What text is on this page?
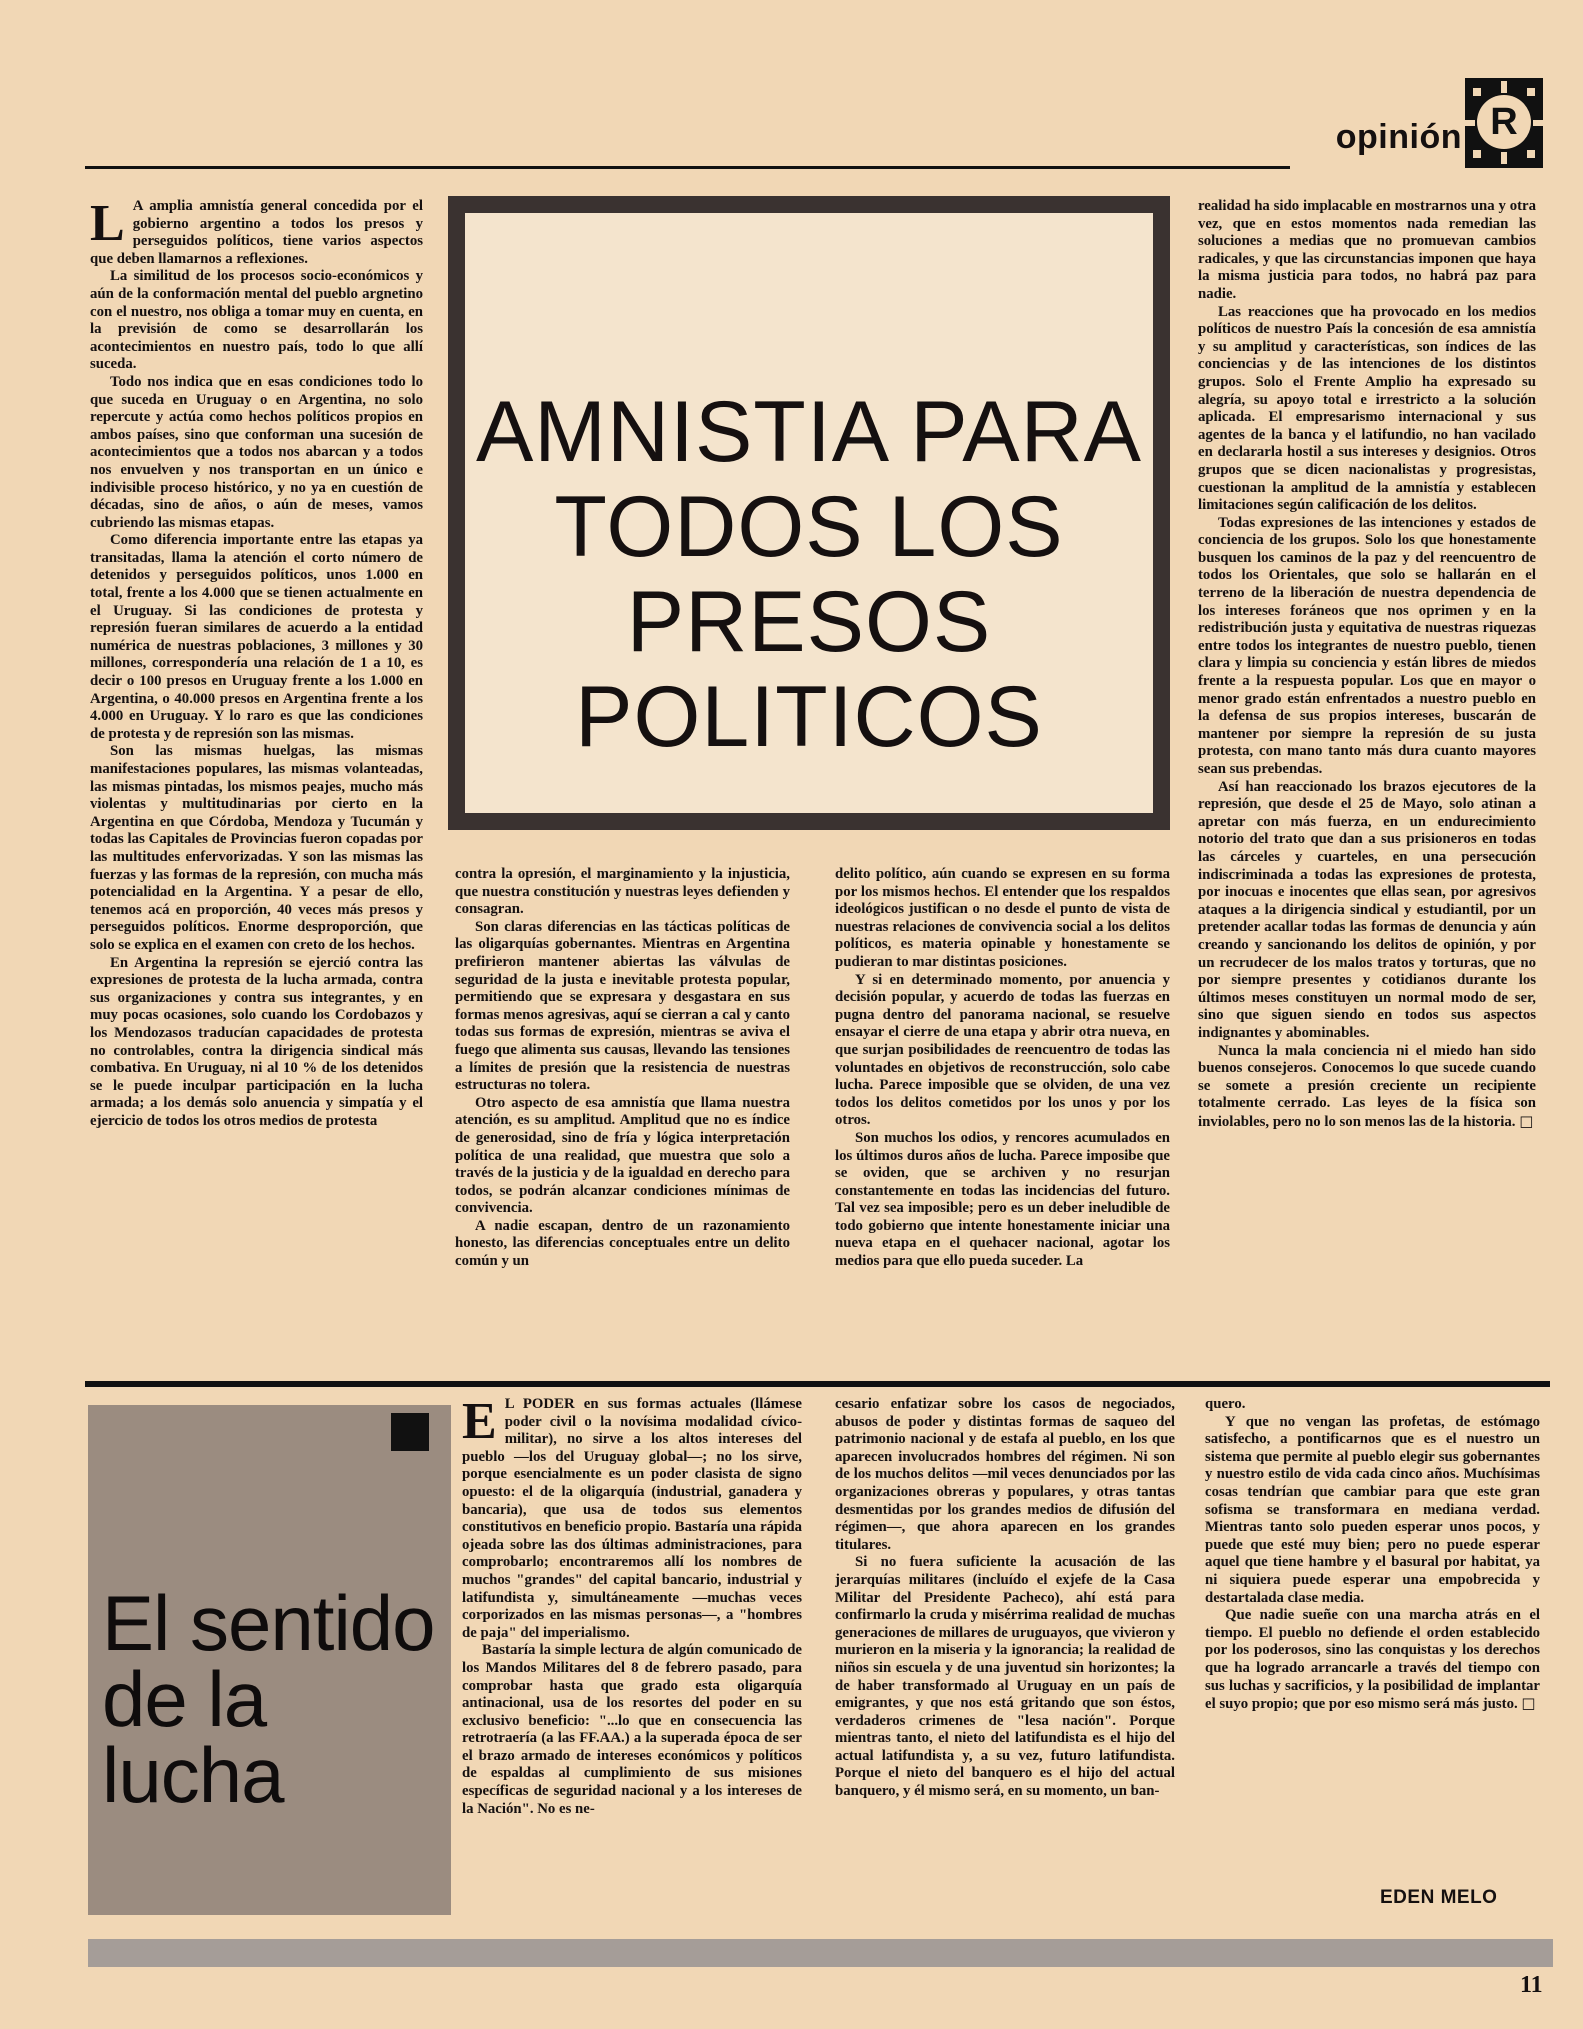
opinión R
AMNISTIA PARA TODOS LOS PRESOS POLITICOS

L A amplia amnistía general concedida por el gobierno argentino a todos los presos y perseguidos políticos, tiene varios aspectos que deben llamarnos a reflexiones.

La similitud de los procesos socio-económicos y aún de la conformación mental del pueblo argnetino con el nuestro, nos obliga a tomar muy en cuenta, en la previsión de como se desarrollarán los acontecimientos en nuestro país, todo lo que allí suceda.

Todo nos indica que en esas condiciones todo lo que suceda en Uruguay o en Argentina, no solo repercute y actúa como hechos políticos propios en ambos países, sino que conforman una sucesión de acontecimientos que a todos nos abarcan y a todos nos envuelven y nos transportan en un único e indivisible proceso histórico, y no ya en cuestión de décadas, sino de años, o aún de meses, vamos cubriendo las mismas etapas.

Como diferencia importante entre las etapas ya transitadas, llama la atención el corto número de detenidos y perseguidos políticos, unos 1.000 en total, frente a los 4.000 que se tienen actualmente en el Uruguay. Si las condiciones de protesta y represión fueran similares de acuerdo a la entidad numérica de nuestras poblaciones, 3 millones y 30 millones, correspondería una relación de 1 a 10, es decir o 100 presos en Uruguay frente a los 1.000 en Argentina, o 40.000 presos en Argentina frente a los 4.000 en Uruguay. Y lo raro es que las condiciones de protesta y de represión son las mismas.

Son las mismas huelgas, las mismas manifestaciones populares, las mismas volanteadas, las mismas pintadas, los mismos peajes, mucho más violentas y multitudinarias por cierto en la Argentina en que Córdoba, Mendoza y Tucumán y todas las Capitales de Provincias fueron copadas por las multitudes enfervorizadas. Y son las mismas las fuerzas y las formas de la represión, con mucha más potencialidad en la Argentina. Y a pesar de ello, tenemos acá en proporción, 40 veces más presos y perseguidos políticos. Enorme desproporción, que solo se explica en el examen con creto de los hechos.

En Argentina la represión se ejerció contra las expresiones de protesta de la lucha armada, contra sus organizaciones y contra sus integrantes, y en muy pocas ocasiones, solo cuando los Cordobazos y los Mendozasos traducían capacidades de protesta no controlables, contra la dirigencia sindical más combativa. En Uruguay, ni al 10 % de los detenidos se le puede inculpar participación en la lucha armada; a los demás solo anuencia y simpatía y el ejercicio de todos los otros medios de protesta

contra la opresión, el marginamiento y la injusticia, que nuestra constitución y nuestras leyes defienden y consagran.

Son claras diferencias en las tácticas políticas de las oligarquías gobernantes. Mientras en Argentina prefirieron mantener abiertas las válvulas de seguridad de la justa e inevitable protesta popular, permitiendo que se expresara y desgastara en sus formas menos agresivas, aquí se cierran a cal y canto todas sus formas de expresión, mientras se aviva el fuego que alimenta sus causas, llevando las tensiones a límites de presión que la resistencia de nuestras estructuras no tolera.

Otro aspecto de esa amnistía que llama nuestra atención, es su amplitud. Amplitud que no es índice de generosidad, sino de fría y lógica interpretación política de una realidad, que muestra que solo a través de la justicia y de la igualdad en derecho para todos, se podrán alcanzar condiciones mínimas de convivencia.

A nadie escapan, dentro de un razonamiento honesto, las diferencias conceptuales entre un delito común y un

delito político, aún cuando se expresen en su forma por los mismos hechos. El entender que los respaldos ideológicos justifican o no desde el punto de vista de nuestras relaciones de convivencia social a los delitos políticos, es materia opinable y honestamente se pudieran to mar distintas posiciones.

Y si en determinado momento, por anuencia y decisión popular, y acuerdo de todas las fuerzas en pugna dentro del panorama nacional, se resuelve ensayar el cierre de una etapa y abrir otra nueva, en que surjan posibilidades de reencuentro de todas las voluntades en objetivos de reconstrucción, solo cabe lucha. Parece imposible que se olviden, de una vez todos los delitos cometidos por los unos y por los otros.

Son muchos los odios, y rencores acumulados en los últimos duros años de lucha. Parece imposibe que se oviden, que se archiven y no resurjan constantemente en todas las incidencias del futuro. Tal vez sea imposible; pero es un deber ineludible de todo gobierno que intente honestamente iniciar una nueva etapa en el quehacer nacional, agotar los medios para que ello pueda suceder. La

realidad ha sido implacable en mostrarnos una y otra vez, que en estos momentos nada remedian las soluciones a medias que no promuevan cambios radicales, y que las circunstancias imponen que haya la misma justicia para todos, no habrá paz para nadie.

Las reacciones que ha provocado en los medios políticos de nuestro País la concesión de esa amnistía y su amplitud y características, son índices de las conciencias y de las intenciones de los distintos grupos. Solo el Frente Amplio ha expresado su alegría, su apoyo total e irrestricto a la solución aplicada. El empresarismo internacional y sus agentes de la banca y el latifundio, no han vacilado en declararla hostil a sus intereses y designios. Otros grupos que se dicen nacionalistas y progresistas, cuestionan la amplitud de la amnistía y establecen limitaciones según calificación de los delitos.

Todas expresiones de las intenciones y estados de conciencia de los grupos. Solo los que honestamente busquen los caminos de la paz y del reencuentro de todos los Orientales, que solo se hallarán en el terreno de la liberación de nuestra dependencia de los intereses foráneos que nos oprimen y en la redistribución justa y equitativa de nuestras riquezas entre todos los integrantes de nuestro pueblo, tienen clara y limpia su conciencia y están libres de miedos frente a la respuesta popular. Los que en mayor o menor grado están enfrentados a nuestro pueblo en la defensa de sus propios intereses, buscarán de mantener por siempre la represión de su justa protesta, con mano tanto más dura cuanto mayores sean sus prebendas.

Así han reaccionado los brazos ejecutores de la represión, que desde el 25 de Mayo, solo atinan a apretar con más fuerza, en un endurecimiento notorio del trato que dan a sus prisioneros en todas las cárceles y cuarteles, en una persecución indiscriminada a todas las expresiones de protesta, por inocuas e inocentes que ellas sean, por agresivos ataques a la dirigencia sindical y estudiantil, por un pretender acallar todas las formas de denuncia y aún creando y sancionando los delitos de opinión, y por un recrudecer de los malos tratos y torturas, que no por siempre presentes y cotidianos durante los últimos meses constituyen un normal modo de ser, sino que siguen siendo en todos sus aspectos indignantes y abominables.

Nunca la mala conciencia ni el miedo han sido buenos consejeros. Conocemos lo que sucede cuando se somete a presión creciente un recipiente totalmente cerrado. Las leyes de la física son inviolables, pero no lo son menos las de la historia. □

El sentido de la lucha

E L PODER en sus formas actuales (llámese poder civil o la novísima modalidad cívico-militar), no sirve a los altos intereses del pueblo —los del Uruguay global—; no los sirve, porque esencialmente es un poder clasista de signo opuesto: el de la oligarquía (industrial, ganadera y bancaria), que usa de todos sus elementos constitutivos en beneficio propio. Bastaría una rápida ojeada sobre las dos últimas administraciones, para comprobarlo; encontraremos allí los nombres de muchos "grandes" del capital bancario, industrial y latifundista y, simultáneamente —muchas veces corporizados en las mismas personas—, a "hombres de paja" del imperialismo.

Bastaría la simple lectura de algún comunicado de los Mandos Militares del 8 de febrero pasado, para comprobar hasta que grado esta oligarquía antinacional, usa de los resortes del poder en su exclusivo beneficio: "...lo que en consecuencia las retrotraería (a las FF.AA.) a la superada época de ser el brazo armado de intereses económicos y políticos de espaldas al cumplimiento de sus misiones específicas de seguridad nacional y a los intereses de la Nación". No es ne-

cesario enfatizar sobre los casos de negociados, abusos de poder y distintas formas de saqueo del patrimonio nacional y de estafa al pueblo, en los que aparecen involucrados hombres del régimen. Ni son de los muchos delitos —mil veces denunciados por las organizaciones obreras y populares, y otras tantas desmentidas por los grandes medios de difusión del régimen—, que ahora aparecen en los grandes titulares.

Si no fuera suficiente la acusación de las jerarquías militares (incluído el exjefe de la Casa Militar del Presidente Pacheco), ahí está para confirmarlo la cruda y misérrima realidad de muchas generaciones de millares de uruguayos, que vivieron y murieron en la miseria y la ignorancia; la realidad de niños sin escuela y de una juventud sin horizontes; la de haber transformado al Uruguay en un país de emigrantes, y que nos está gritando que son éstos, verdaderos crimenes de "lesa nación". Porque mientras tanto, el nieto del latifundista es el hijo del actual latifundista y, a su vez, futuro latifundista. Porque el nieto del banquero es el hijo del actual banquero, y él mismo será, en su momento, un ban-

quero.

Y que no vengan las profetas, de estómago satisfecho, a pontificarnos que es el nuestro un sistema que permite al pueblo elegir sus gobernantes y nuestro estilo de vida cada cinco años. Muchísimas cosas tendrían que cambiar para que este gran sofisma se transformara en mediana verdad. Mientras tanto solo pueden esperar unos pocos, y puede que esté muy bien; pero no puede esperar aquel que tiene hambre y el basural por habitat, ya ni siquiera puede esperar una empobrecida y destartalada clase media.

Que nadie sueñe con una marcha atrás en el tiempo. El pueblo no defiende el orden establecido por los poderosos, sino las conquistas y los derechos que ha logrado arrancarle a través del tiempo con sus luchas y sacrificios, y la posibilidad de implantar el suyo propio; que por eso mismo será más justo. □

EDEN MELO
11
